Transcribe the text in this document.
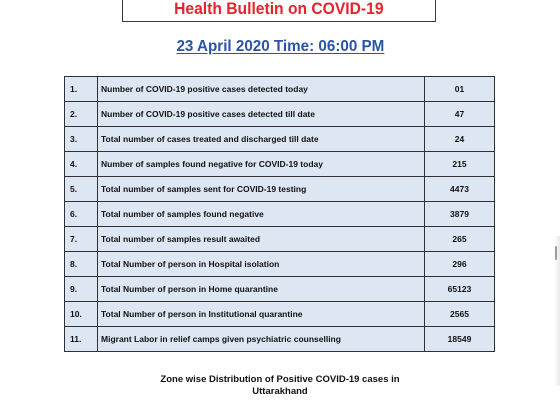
Health Bulletin on COVID-19
23 April 2020 Time: 06:00 PM
1.	Number of COVID-19 positive cases detected today	01
2.	Number of COVID-19 positive cases detected till date	47
3.	Total number of cases treated and discharged till date	24
4.	Number of samples found negative for COVID-19 today	215
5.	Total number of samples sent for COVID-19 testing	4473
6.	Total number of samples found negative	3879
7.	Total number of samples result awaited	265
8.	Total Number of person in Hospital isolation	296
9.	Total Number of person in Home quarantine	65123
10.	Total Number of person in Institutional quarantine	2565
11.	Migrant Labor in relief camps given psychiatric counselling	18549
Zone wise Distribution of Positive COVID-19 cases in
Uttarakhand
